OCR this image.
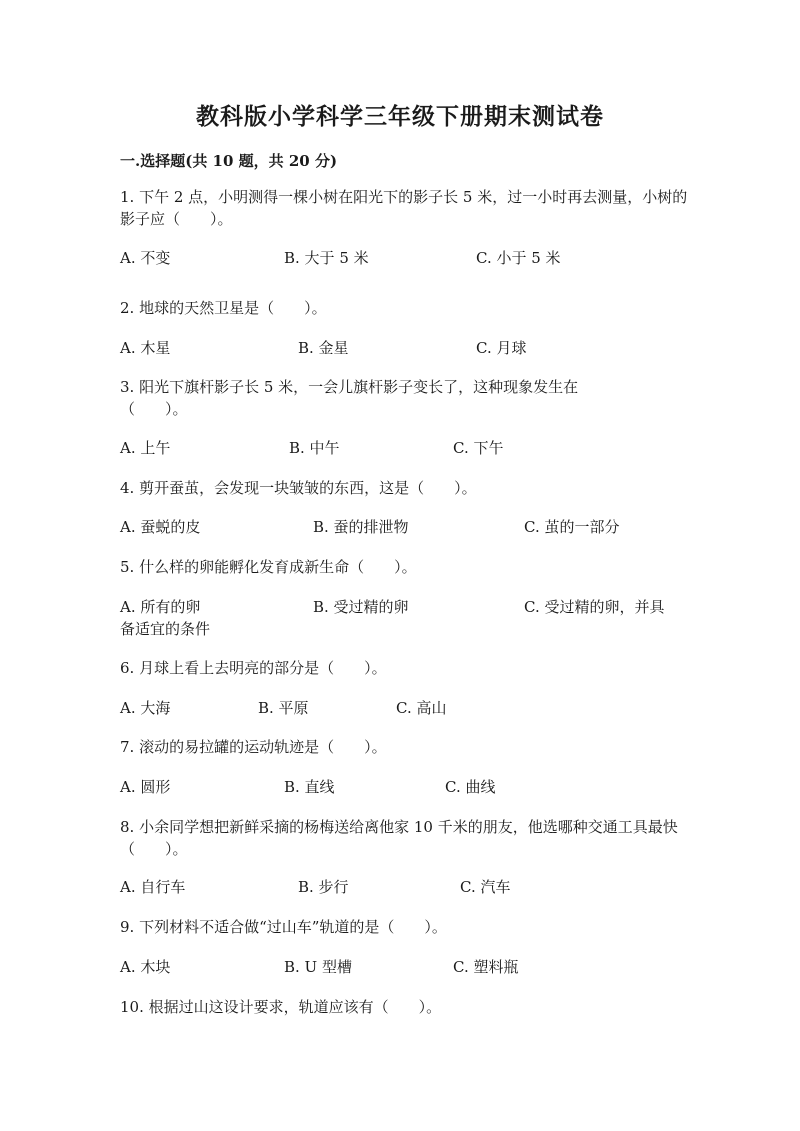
教科版小学科学三年级下册期末测试卷
一.选择题(共 10 题，共 20 分)
1. 下午 2 点，小明测得一棵小树在阳光下的影子长 5 米，过一小时再去测量，小树的影子应（　　）。
A. 不变	B. 大于 5 米	C. 小于 5 米
2. 地球的天然卫星是（　　）。
A. 木星	B. 金星	C. 月球
3. 阳光下旗杆影子长 5 米，一会儿旗杆影子变长了，这种现象发生在（　　）。
A. 上午	B. 中午	C. 下午
4. 剪开蚕茧，会发现一块皱皱的东西，这是（　　）。
A. 蚕蜕的皮	B. 蚕的排泄物	C. 茧的一部分
5. 什么样的卵能孵化发育成新生命（　　）。
A. 所有的卵	B. 受过精的卵	C. 受过精的卵，并具
备适宜的条件
6. 月球上看上去明亮的部分是（　　）。
A. 大海	B. 平原	C. 高山
7. 滚动的易拉罐的运动轨迹是（　　）。
A. 圆形	B. 直线	C. 曲线
8. 小余同学想把新鲜采摘的杨梅送给离他家 10 千米的朋友，他选哪种交通工具最快（　　）。
A. 自行车	B. 步行	C. 汽车
9. 下列材料不适合做“过山车”轨道的是（　　）。
A. 木块	B. U 型槽	C. 塑料瓶
10. 根据过山这设计要求，轨道应该有（　　）。
